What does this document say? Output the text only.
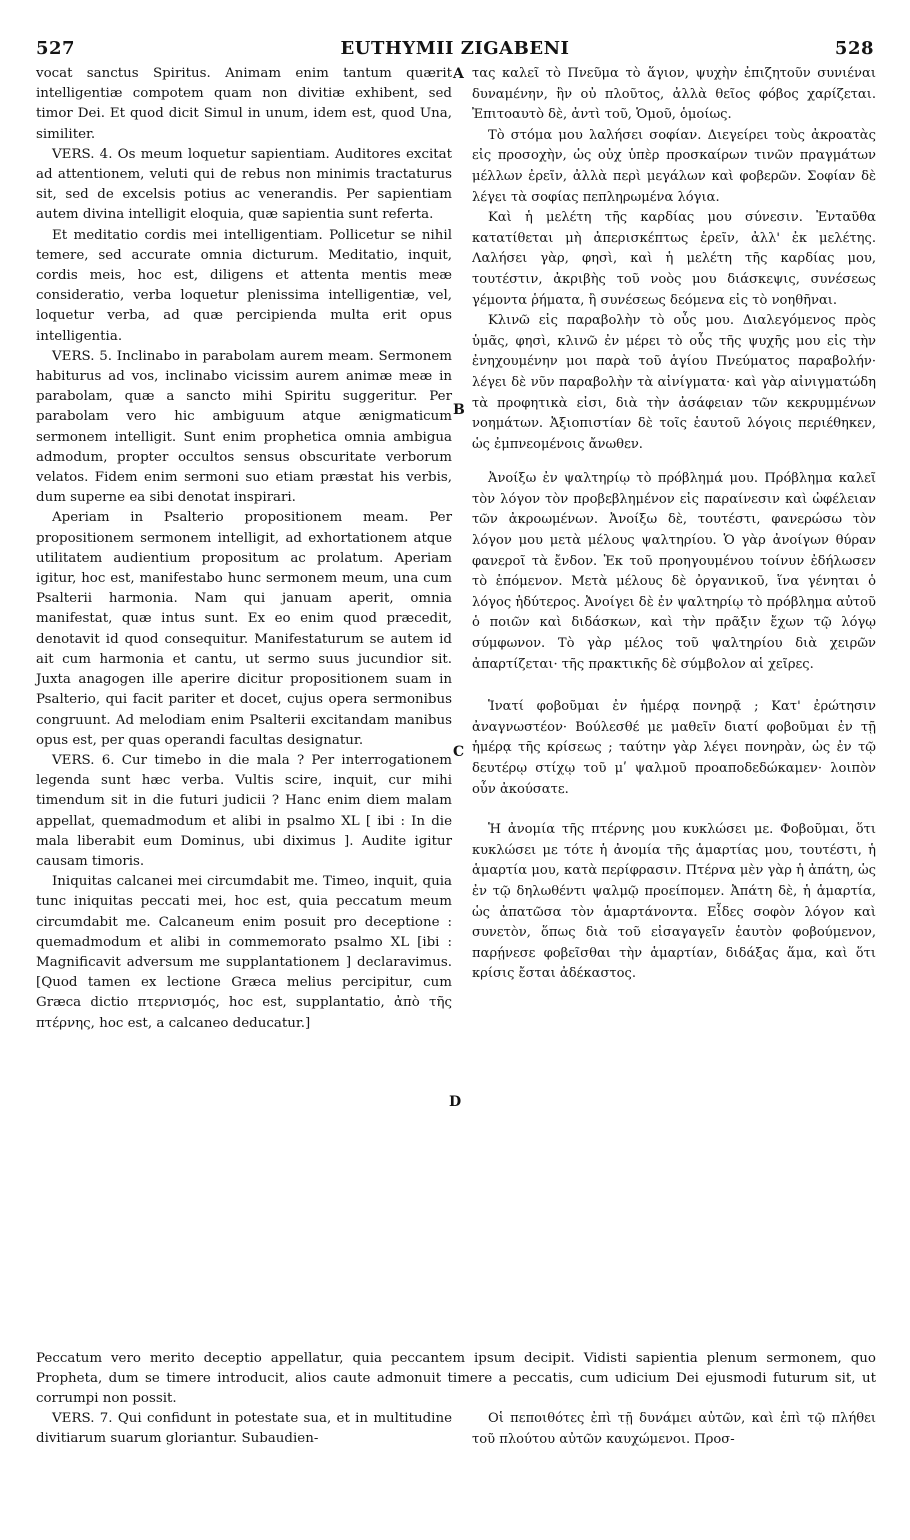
527	EUTHYMII ZIGABENI	528

vocat sanctus Spiritus. Animam enim tantum quærit intelligentiæ compotem quam non divitiæ exhibent, sed timor Dei. Et quod dicit Simul in unum, idem est, quod Una, similiter.

VERS. 4. Os meum loquetur sapientiam. Auditores excitat ad attentionem, veluti qui de rebus non minimis tractaturus sit, sed de excelsis potius ac venerandis. Per sapientiam autem divina intelligit eloquia, quæ sapientia sunt referta.

Et meditatio cordis mei intelligentiam. Pollicetur se nihil temere, sed accurate omnia dicturum. Meditatio, inquit, cordis meis, hoc est, diligens et attenta mentis meæ consideratio, verba loquetur plenissima intelligentiæ, vel, loquetur verba, ad quæ percipienda multa erit opus intelligentia.

VERS. 5. Inclinabo in parabolam aurem meam. Sermonem habiturus ad vos, inclinabo vicissim aurem animæ meæ in parabolam, quæ a sancto mihi Spiritu suggeritur. Per parabolam vero hic ambiguum atque ænigmaticum sermonem intelligit. Sunt enim prophetica omnia ambigua admodum, propter occultos sensus obscuritate verborum velatos. Fidem enim sermoni suo etiam præstat his verbis, dum superne ea sibi denotat inspirari.

Aperiam in Psalterio propositionem meam. Per propositionem sermonem intelligit, ad exhortationem atque utilitatem audientium propositum ac prolatum. Aperiam igitur, hoc est, manifestabo hunc sermonem meum, una cum Psalterii harmonia. Nam qui januam aperit, omnia manifestat, quæ intus sunt. Ex eo enim quod præcedit, denotavit id quod consequitur. Manifestaturum se autem id ait cum harmonia et cantu, ut sermo suus jucundior sit. Juxta anagogen ille aperire dicitur propositionem suam in Psalterio, qui facit pariter et docet, cujus opera sermonibus congruunt. Ad melodiam enim Psalterii excitandam manibus opus est, per quas operandi facultas designatur.

VERS. 6. Cur timebo in die mala ? Per interrogationem legenda sunt hæc verba. Vultis scire, inquit, cur mihi timendum sit in die futuri judicii ? Hanc enim diem malam appellat, quemadmodum et alibi in psalmo XL [ ibi : In die mala liberabit eum Dominus, ubi diximus ]. Audite igitur causam timoris.

Iniquitas calcanei mei circumdabit me. Timeo, inquit, quia tunc iniquitas peccati mei, hoc est, quia peccatum meum circumdabit me. Calcaneum enim posuit pro deceptione : quemadmodum et alibi in commemorato psalmo XL [ibi : Magnificavit adversum me supplantationem ] declaravimus. [Quod tamen ex lectione Græca melius percipitur, cum Græca dictio πτερνισμός, hoc est, supplantatio, ἀπὸ τῆς πτέρνης, hoc est, a calcaneo deducatur.]

τας καλεῖ τὸ Πνεῦμα τὸ ἅγιον, ψυχὴν ἐπιζητοῦν συνιέναι δυναμένην, ἣν οὐ πλοῦτος, ἀλλὰ θεῖος φόβος χαρίζεται. Ἐπιτοαυτὸ δὲ, ἀντὶ τοῦ, Ὁμοῦ, ὁμοίως.

Τὸ στόμα μου λαλήσει σοφίαν. Διεγείρει τοὺς ἀκροατὰς εἰς προσοχὴν, ὡς οὐχ ὑπὲρ προσκαίρων τινῶν πραγμάτων μέλλων ἐρεῖν, ἀλλὰ περὶ μεγάλων καὶ φοβερῶν. Σοφίαν δὲ λέγει τὰ σοφίας πεπληρωμένα λόγια.

Καὶ ἡ μελέτη τῆς καρδίας μου σύνεσιν. Ἐνταῦθα κατατίθεται μὴ ἀπερισκέπτως ἐρεῖν, ἀλλ' ἐκ μελέτης. Λαλήσει γὰρ, φησὶ, καὶ ἡ μελέτη τῆς καρδίας μου, τουτέστιν, ἀκριβὴς τοῦ νοὸς μου διάσκεψις, συνέσεως γέμοντα ῥήματα, ἢ συνέσεως δεόμενα εἰς τὸ νοηθῆναι.

Κλινῶ εἰς παραβολὴν τὸ οὖς μου. Διαλεγόμενος πρὸς ὑμᾶς, φησὶ, κλινῶ ἐν μέρει τὸ οὖς τῆς ψυχῆς μου εἰς τὴν ἐνηχουμένην μοι παρὰ τοῦ ἁγίου Πνεύματος παραβολήν· λέγει δὲ νῦν παραβολὴν τὰ αἰνίγματα· καὶ γὰρ αἰνιγματώδη τὰ προφητικὰ εἰσι, διὰ τὴν ἀσάφειαν τῶν κεκρυμμένων νοημάτων. Ἀξιοπιστίαν δὲ τοῖς ἑαυτοῦ λόγοις περιέθηκεν, ὡς ἐμπνεομένοις ἄνωθεν.

Ἀνοίξω ἐν ψαλτηρίῳ τὸ πρόβλημά μου. Πρόβλημα καλεῖ τὸν λόγον τὸν προβεβλημένον εἰς παραίνεσιν καὶ ὠφέλειαν τῶν ἀκροωμένων. Ἀνοίξω δὲ, τουτέστι, φανερώσω τὸν λόγον μου μετὰ μέλους ψαλτηρίου. Ὁ γὰρ ἀνοίγων θύραν φανεροῖ τὰ ἔνδον. Ἐκ τοῦ προηγουμένου τοίνυν ἐδήλωσεν τὸ ἑπόμενον. Μετὰ μέλους δὲ ὀργανικοῦ, ἵνα γένηται ὁ λόγος ἡδύτερος. Ἀνοίγει δὲ ἐν ψαλτηρίῳ τὸ πρόβλημα αὐτοῦ ὁ ποιῶν καὶ διδάσκων, καὶ τὴν πρᾶξιν ἔχων τῷ λόγῳ σύμφωνον. Τὸ γὰρ μέλος τοῦ ψαλτηρίου διὰ χειρῶν ἀπαρτίζεται· τῆς πρακτικῆς δὲ σύμβολον αἱ χεῖρες.

Ἱνατί φοβοῦμαι ἐν ἡμέρᾳ πονηρᾷ ; Κατ' ἐρώτησιν ἀναγνωστέον· Βούλεσθέ με μαθεῖν διατί φοβοῦμαι ἐν τῇ ἡμέρᾳ τῆς κρίσεως ; ταύτην γὰρ λέγει πονηρὰν, ὡς ἐν τῷ δευτέρῳ στίχῳ τοῦ μʹ ψαλμοῦ προαποδεδώκαμεν· λοιπὸν οὖν ἀκούσατε.

Ἡ ἀνομία τῆς πτέρνης μου κυκλώσει με. Φοβοῦμαι, ὅτι κυκλώσει με τότε ἡ ἀνομία τῆς ἁμαρτίας μου, τουτέστι, ἡ ἁμαρτία μου, κατὰ περίφρασιν. Πτέρνα μὲν γὰρ ἡ ἀπάτη, ὡς ἐν τῷ δηλωθέντι ψαλμῷ προείπομεν. Ἀπάτη δὲ, ἡ ἁμαρτία, ὡς ἀπατῶσα τὸν ἁμαρτάνοντα. Εἶδες σοφὸν λόγον καὶ συνετὸν, ὅπως διὰ τοῦ εἰσαγαγεῖν ἑαυτὸν φοβούμενον, παρῄνεσε φοβεῖσθαι τὴν ἁμαρτίαν, διδάξας ἅμα, καὶ ὅτι κρίσις ἔσται ἀδέκαστος.

A
B
C
D

Peccatum vero merito deceptio appellatur, quia peccantem ipsum decipit. Vidisti sapientia plenum sermonem, quo Propheta, dum se timere introducit, alios caute admonuit timere a peccatis, cum udicium Dei ejusmodi futurum sit, ut corrumpi non possit.

VERS. 7. Qui confidunt in potestate sua, et in multitudine divitiarum suarum gloriantur. Subaudien-

Οἱ πεποιθότες ἐπὶ τῇ δυνάμει αὐτῶν, καὶ ἐπὶ τῷ πλήθει τοῦ πλούτου αὐτῶν καυχώμενοι. Προσ-
